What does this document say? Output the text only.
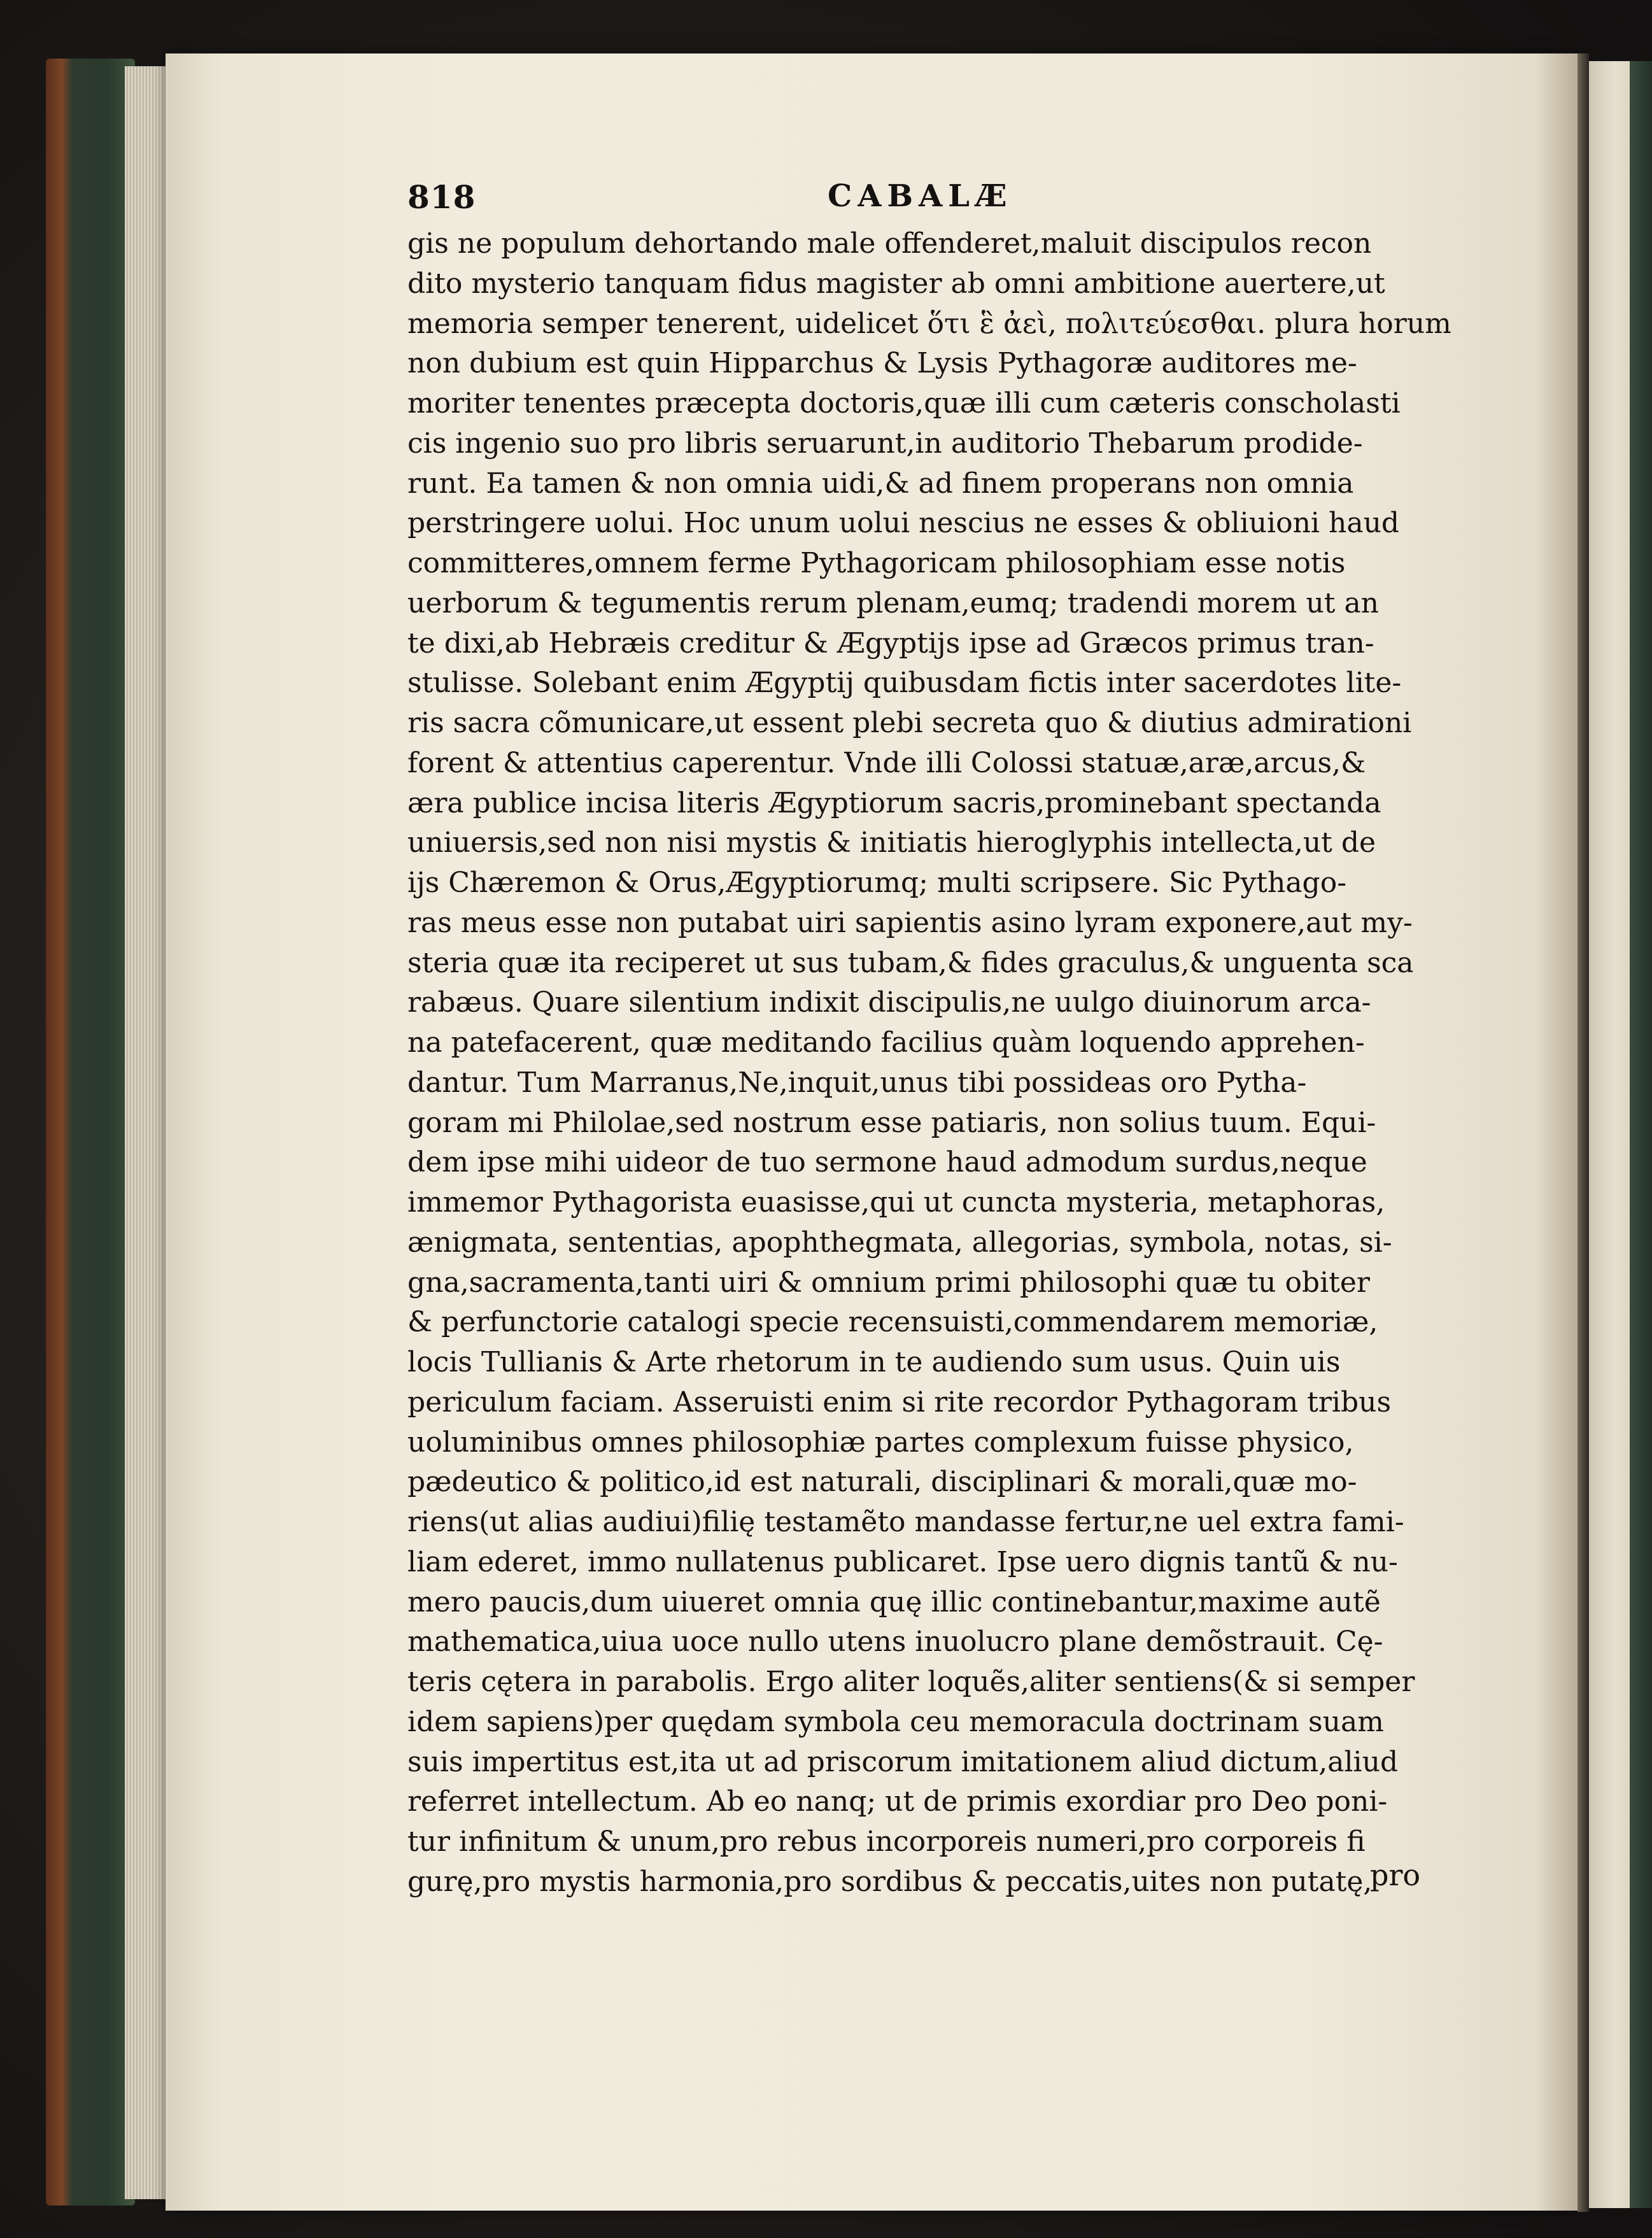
818	CABALÆ
gis ne populum dehortando male offenderet,maluit discipulos recon
dito mysterio tanquam fidus magister ab omni ambitione auertere,ut
memoria semper tenerent, uidelicet ὅτι ἓ ἀεὶ, πολιτεύεσθαι. plura horum
non dubium est quin Hipparchus & Lysis Pythagoræ auditores me-
moriter tenentes præcepta doctoris,quæ illi cum cæteris conscholasti
cis ingenio suo pro libris seruarunt,in auditorio Thebarum prodide-
runt. Ea tamen & non omnia uidi,& ad finem properans non omnia
perstringere uolui. Hoc unum uolui nescius ne esses & obliuioni haud
committeres,omnem ferme Pythagoricam philosophiam esse notis
uerborum & tegumentis rerum plenam,eumq; tradendi morem ut an
te dixi,ab Hebræis creditur & Ægyptijs ipse ad Græcos primus tran-
stulisse. Solebant enim Ægyptij quibusdam fictis inter sacerdotes lite-
ris sacra cõmunicare,ut essent plebi secreta quo & diutius admirationi
forent & attentius caperentur. Vnde illi Colossi statuæ,aræ,arcus,&
æra publice incisa literis Ægyptiorum sacris,prominebant spectanda
uniuersis,sed non nisi mystis & initiatis hieroglyphis intellecta,ut de
ijs Chæremon & Orus,Ægyptiorumq; multi scripsere. Sic Pythago-
ras meus esse non putabat uiri sapientis asino lyram exponere,aut my-
steria quæ ita reciperet ut sus tubam,& fides graculus,& unguenta sca
rabæus. Quare silentium indixit discipulis,ne uulgo diuinorum arca-
na patefacerent, quæ meditando facilius quàm loquendo apprehen-
dantur. Tum Marranus,Ne,inquit,unus tibi possideas oro Pytha-
goram mi Philolae,sed nostrum esse patiaris, non solius tuum. Equi-
dem ipse mihi uideor de tuo sermone haud admodum surdus,neque
immemor Pythagorista euasisse,qui ut cuncta mysteria, metaphoras,
ænigmata, sententias, apophthegmata, allegorias, symbola, notas, si-
gna,sacramenta,tanti uiri & omnium primi philosophi quæ tu obiter
& perfunctorie catalogi specie recensuisti,commendarem memoriæ,
locis Tullianis & Arte rhetorum in te audiendo sum usus. Quin uis
periculum faciam. Asseruisti enim si rite recordor Pythagoram tribus
uoluminibus omnes philosophiæ partes complexum fuisse physico,
pædeutico & politico,id est naturali, disciplinari & morali,quæ mo-
riens(ut alias audiui)filię testamẽto mandasse fertur,ne uel extra fami-
liam ederet, immo nullatenus publicaret. Ipse uero dignis tantũ & nu-
mero paucis,dum uiueret omnia quę illic continebantur,maxime autẽ
mathematica,uiua uoce nullo utens inuolucro plane demõstrauit. Cę-
teris cętera in parabolis. Ergo aliter loquẽs,aliter sentiens(& si semper
idem sapiens)per quędam symbola ceu memoracula doctrinam suam
suis impertitus est,ita ut ad priscorum imitationem aliud dictum,aliud
referret intellectum. Ab eo nanq; ut de primis exordiar pro Deo poni-
tur infinitum & unum,pro rebus incorporeis numeri,pro corporeis fi
gurę,pro mystis harmonia,pro sordibus & peccatis,uites non putatę,
pro
